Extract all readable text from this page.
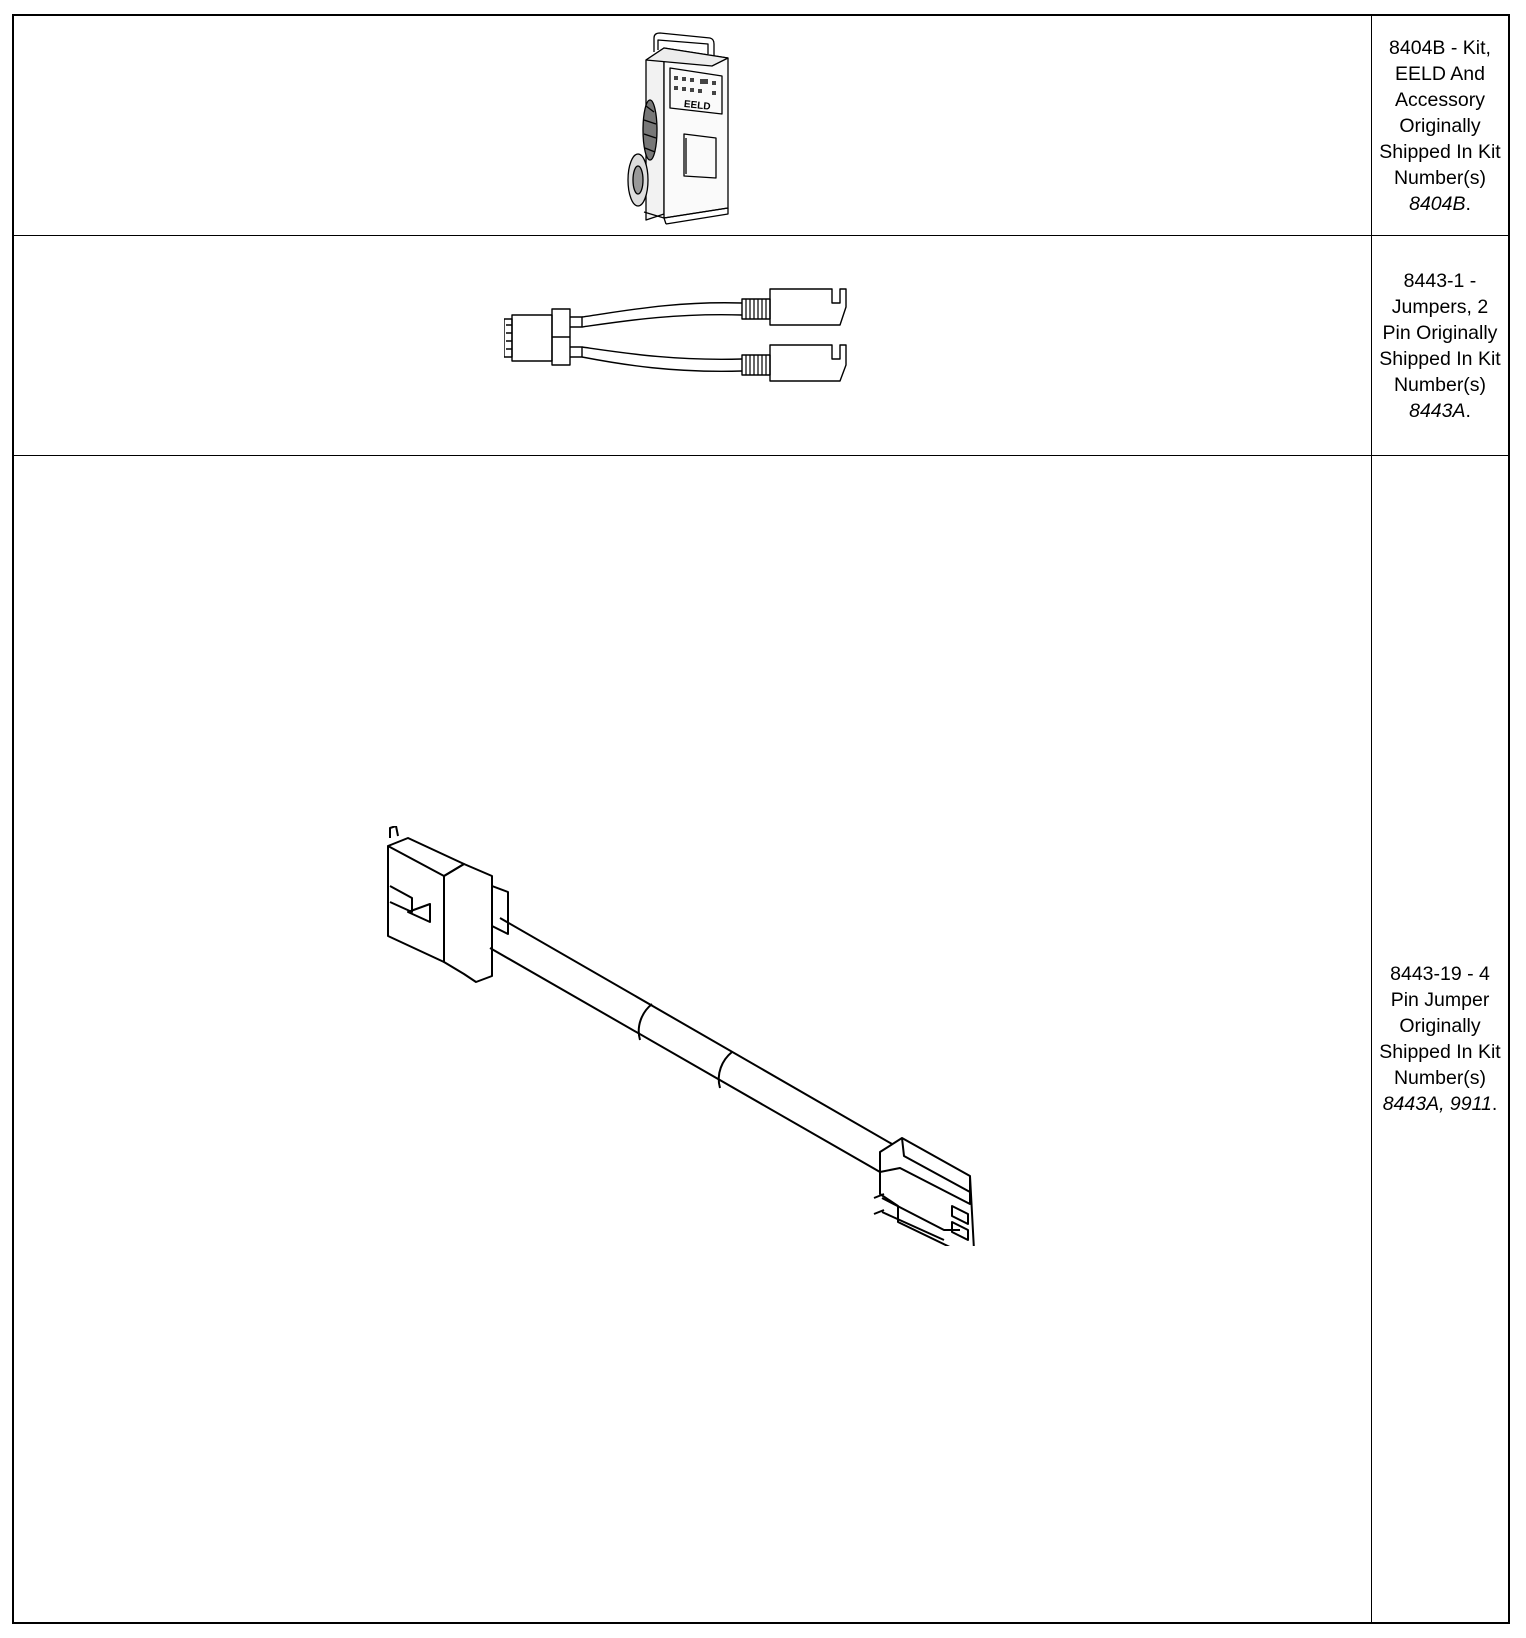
EELD
8404B - Kit, EELD And Accessory Originally Shipped In Kit Number(s) 8404B.
8443-1 - Jumpers, 2 Pin Originally Shipped In Kit Number(s) 8443A.
8443-19 - 4 Pin Jumper Originally Shipped In Kit Number(s) 8443A, 9911.
